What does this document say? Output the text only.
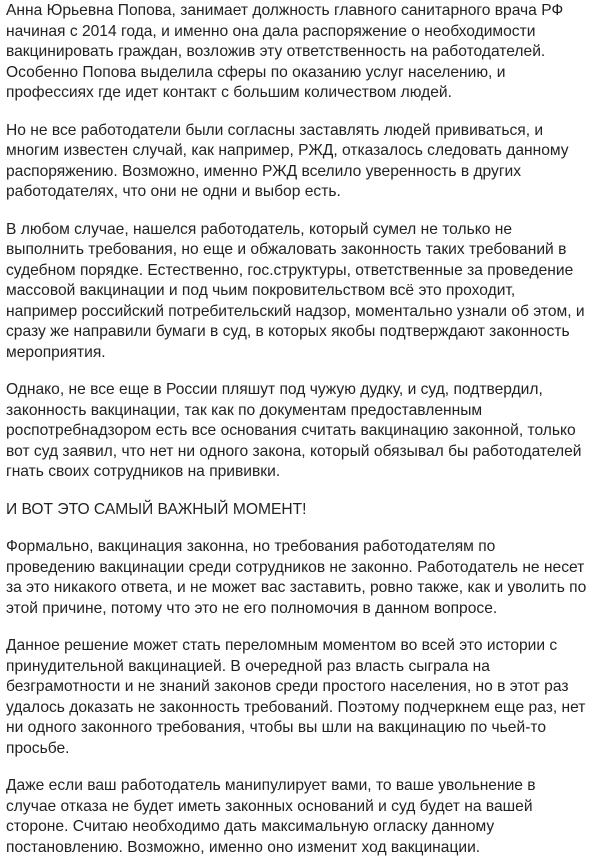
Анна Юрьевна Попова, занимает должность главного санитарного врача РФ начиная с 2014 года, и именно она дала распоряжение о необходимости вакцинировать граждан, возложив эту ответственность на работодателей. Особенно Попова выделила сферы по оказанию услуг населению, и профессиях где идет контакт с большим количеством людей.

Но не все работодатели были согласны заставлять людей прививаться, и многим известен случай, как например, РЖД, отказалось следовать данному распоряжению. Возможно, именно РЖД вселило уверенность в других работодателях, что они не одни и выбор есть.

В любом случае, нашелся работодатель, который сумел не только не выполнить требования, но еще и обжаловать законность таких требований в судебном порядке. Естественно, гос.структуры, ответственные за проведение массовой вакцинации и под чьим покровительством всё это проходит, например российский потребительский надзор, моментально узнали об этом, и сразу же направили бумаги в суд, в которых якобы подтверждают законность мероприятия.

Однако, не все еще в России пляшут под чужую дудку, и суд, подтвердил, законность вакцинации, так как по документам предоставленным роспотребнадзором есть все основания считать вакцинацию законной, только вот суд заявил, что нет ни одного закона, который обязывал бы работодателей гнать своих сотрудников на прививки.

И ВОТ ЭТО САМЫЙ ВАЖНЫЙ МОМЕНТ!

Формально, вакцинация законна, но требования работодателям по проведению вакцинации среди сотрудников не законно. Работодатель не несет за это никакого ответа, и не может вас заставить, ровно также, как и уволить по этой причине, потому что это не его полномочия в данном вопросе.

Данное решение может стать переломным моментом во всей это истории с принудительной вакцинацией. В очередной раз власть сыграла на безграмотности и не знаний законов среди простого населения, но в этот раз удалось доказать не законность требований. Поэтому подчеркнем еще раз, нет ни одного законного требования, чтобы вы шли на вакцинацию по чьей-то просьбе.

Даже если ваш работодатель манипулирует вами, то ваше увольнение в случае отказа не будет иметь законных оснований и суд будет на вашей стороне. Считаю необходимо дать максимальную огласку данному постановлению. Возможно, именно оно изменит ход вакцинации.
